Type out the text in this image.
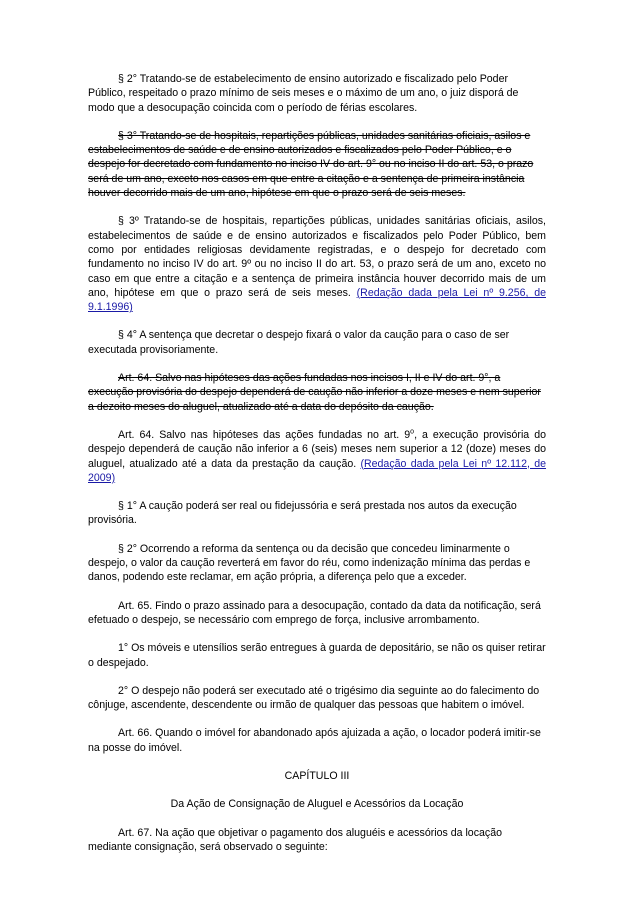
§ 2° Tratando-se de estabelecimento de ensino autorizado e fiscalizado pelo Poder Público, respeitado o prazo mínimo de seis meses e o máximo de um ano, o juiz disporá de modo que a desocupação coincida com o período de férias escolares.

§ 3° Tratando-se de hospitais, repartições públicas, unidades sanitárias oficiais, asilos e estabelecimentos de saúde e de ensino autorizados e fiscalizados pelo Poder Público, e o despejo for decretado com fundamento no inciso IV do art. 9° ou no inciso II do art. 53, o prazo será de um ano, exceto nos casos em que entre a citação e a sentença de primeira instância houver decorrido mais de um ano, hipótese em que o prazo será de seis meses.

§ 3º Tratando-se de hospitais, repartições públicas, unidades sanitárias oficiais, asilos, estabelecimentos de saúde e de ensino autorizados e fiscalizados pelo Poder Público, bem como por entidades religiosas devidamente registradas, e o despejo for decretado com fundamento no inciso IV do art. 9º ou no inciso II do art. 53, o prazo será de um ano, exceto no caso em que entre a citação e a sentença de primeira instância houver decorrido mais de um ano, hipótese em que o prazo será de seis meses. (Redação dada pela Lei nº 9.256, de 9.1.1996)

§ 4° A sentença que decretar o despejo fixará o valor da caução para o caso de ser executada provisoriamente.

Art. 64. Salvo nas hipóteses das ações fundadas nos incisos I, II e IV do art. 9°, a execução provisória do despejo dependerá de caução não inferior a doze meses e nem superior a dezoito meses do aluguel, atualizado até a data do depósito da caução.

Art. 64. Salvo nas hipóteses das ações fundadas no art. 9$^o$, a execução provisória do despejo dependerá de caução não inferior a 6 (seis) meses nem superior a 12 (doze) meses do aluguel, atualizado até a data da prestação da caução. (Redação dada pela Lei nº 12.112, de 2009)

§ 1° A caução poderá ser real ou fidejussória e será prestada nos autos da execução provisória.

§ 2° Ocorrendo a reforma da sentença ou da decisão que concedeu liminarmente o despejo, o valor da caução reverterá em favor do réu, como indenização mínima das perdas e danos, podendo este reclamar, em ação própria, a diferença pelo que a exceder.

Art. 65. Findo o prazo assinado para a desocupação, contado da data da notificação, será efetuado o despejo, se necessário com emprego de força, inclusive arrombamento.

1° Os móveis e utensílios serão entregues à guarda de depositário, se não os quiser retirar o despejado.

2° O despejo não poderá ser executado até o trigésimo dia seguinte ao do falecimento do cônjuge, ascendente, descendente ou irmão de qualquer das pessoas que habitem o imóvel.

Art. 66. Quando o imóvel for abandonado após ajuizada a ação, o locador poderá imitir-se na posse do imóvel.

CAPÍTULO III

Da Ação de Consignação de Aluguel e Acessórios da Locação

Art. 67. Na ação que objetivar o pagamento dos aluguéis e acessórios da locação mediante consignação, será observado o seguinte:
